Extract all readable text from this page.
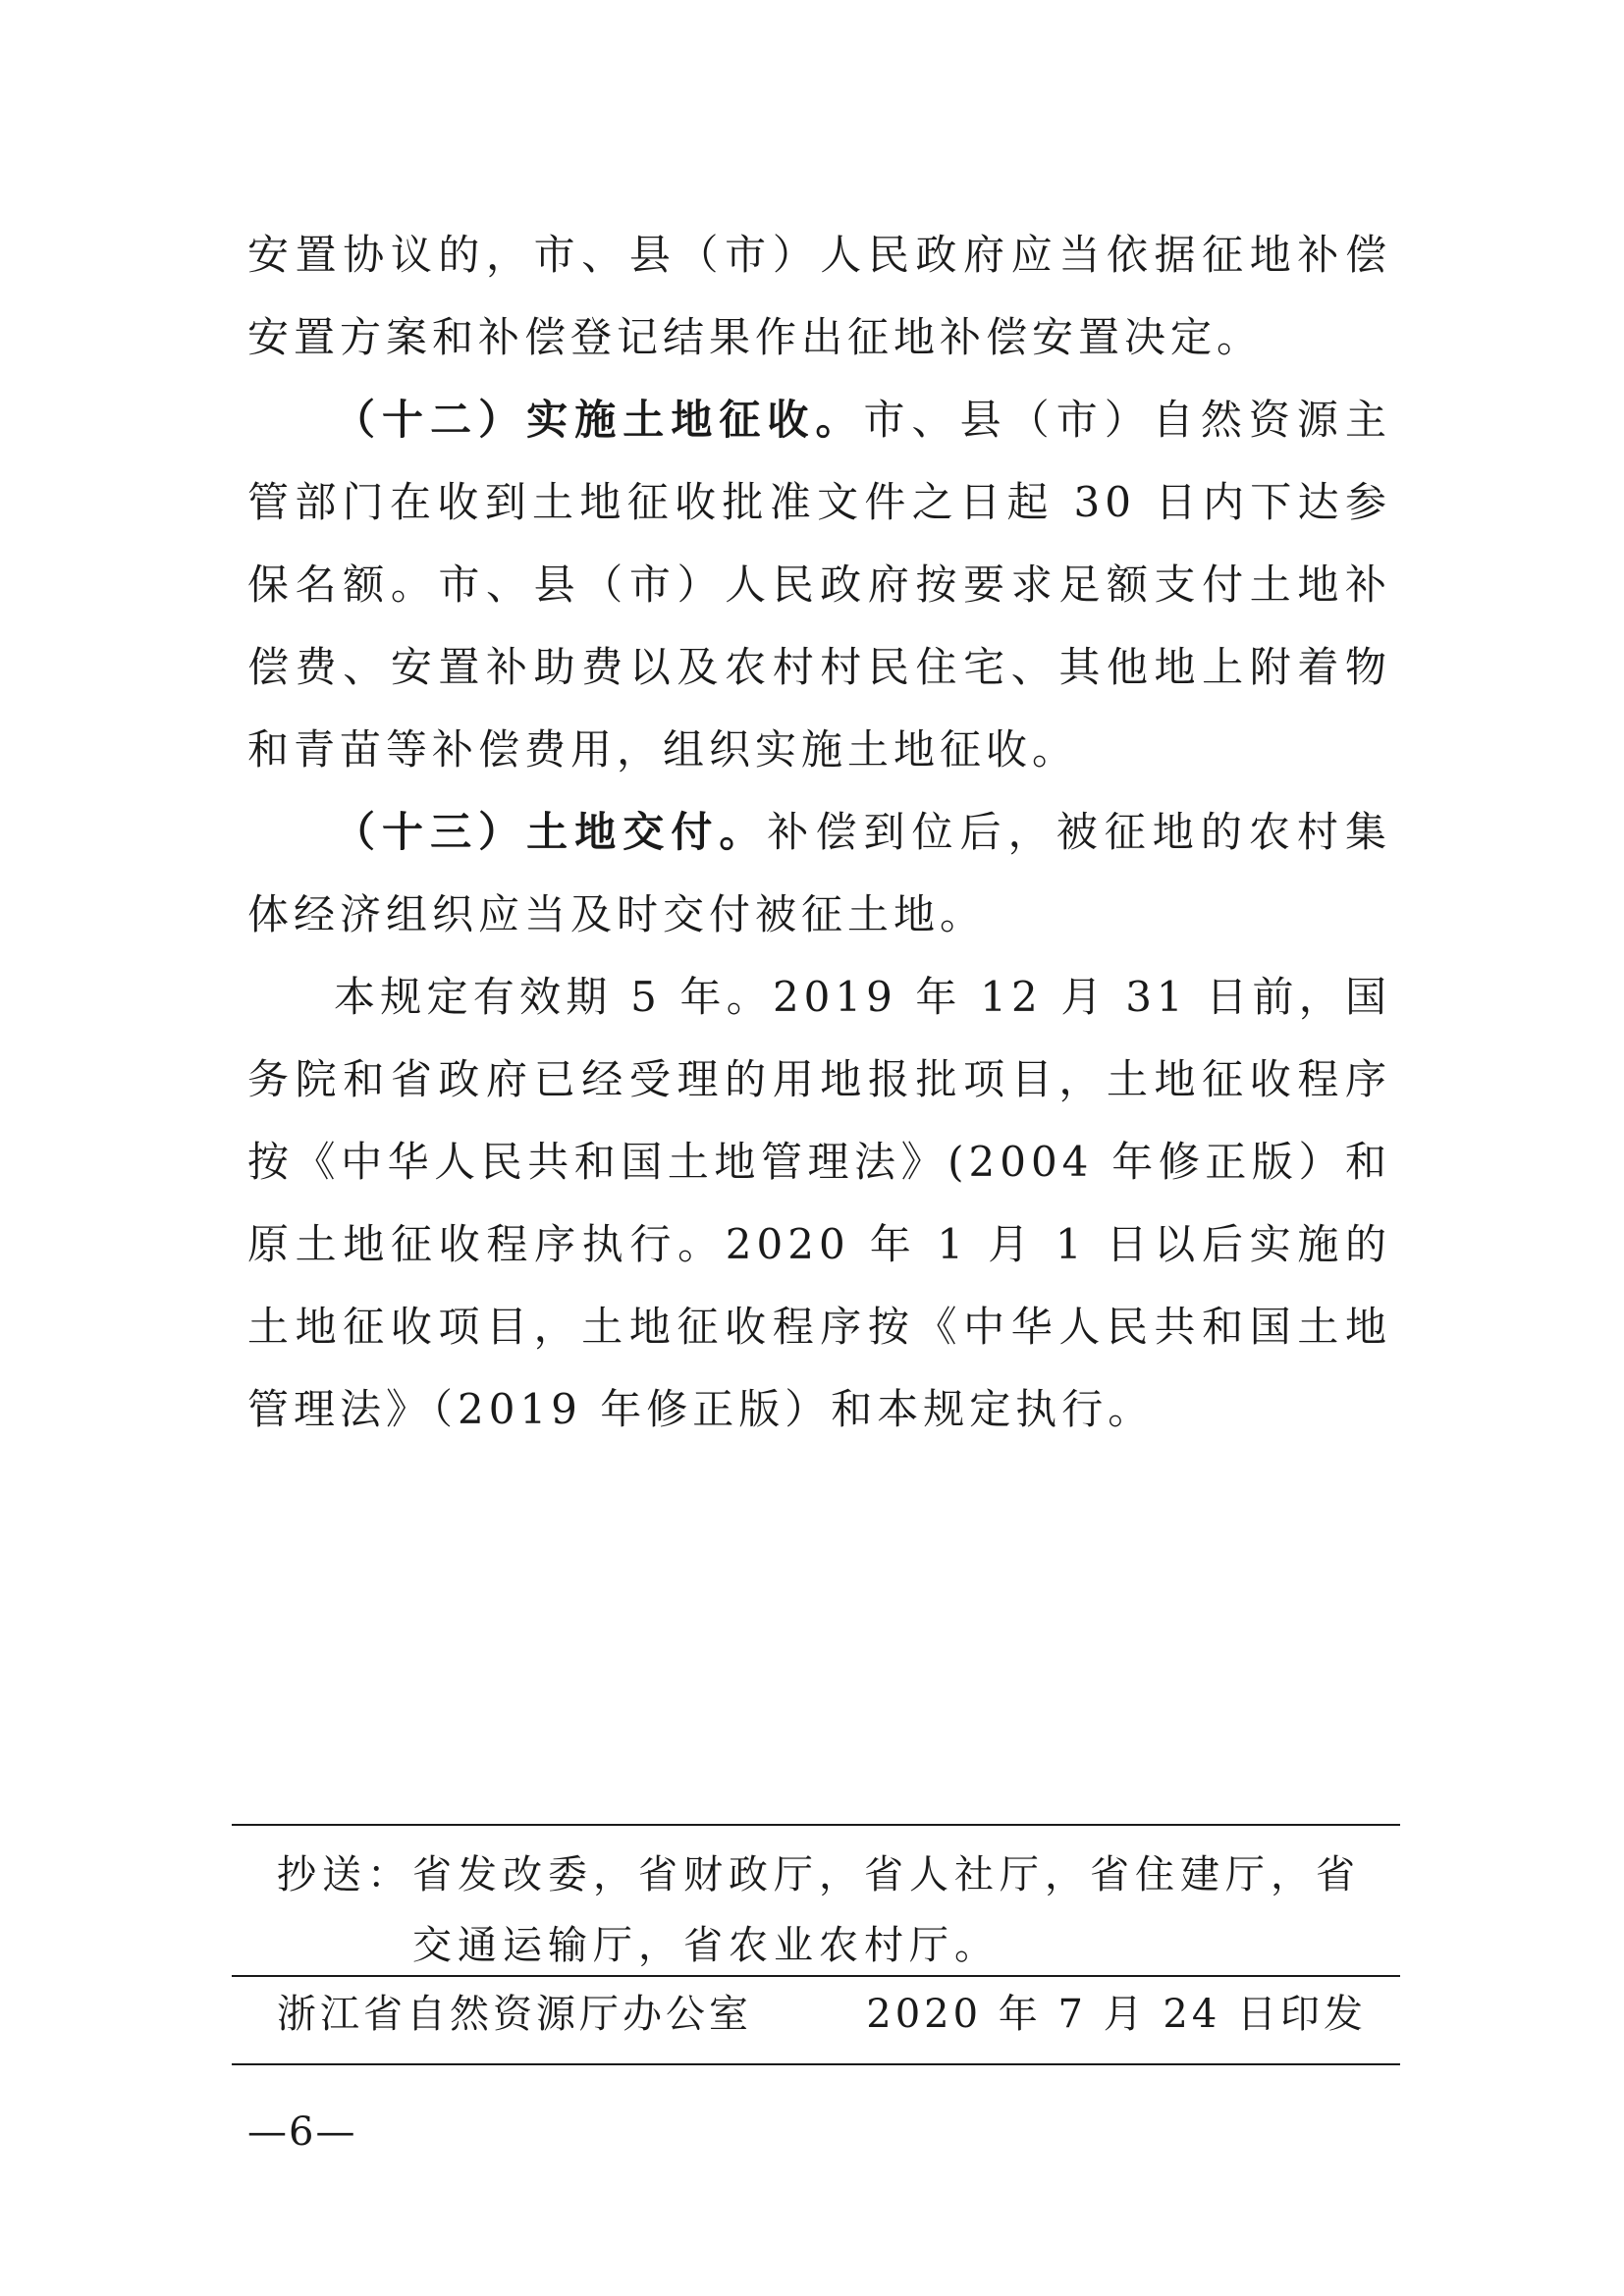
安置协议的，市、县（市）人民政府应当依据征地补偿安置方案和补偿登记结果作出征地补偿安置决定。

（十二）实施土地征收。市、县（市）自然资源主管部门在收到土地征收批准文件之日起 30 日内下达参保名额。市、县（市）人民政府按要求足额支付土地补偿费、安置补助费以及农村村民住宅、其他地上附着物和青苗等补偿费用，组织实施土地征收。

（十三）土地交付。补偿到位后，被征地的农村集体经济组织应当及时交付被征土地。

本规定有效期 5 年。2019 年 12 月 31 日前，国务院和省政府已经受理的用地报批项目，土地征收程序按《中华人民共和国土地管理法》(2004 年修正版）和原土地征收程序执行。2020 年 1 月 1 日以后实施的土地征收项目，土地征收程序按《中华人民共和国土地管理法》（2019 年修正版）和本规定执行。

抄送： 省发改委，省财政厅，省人社厅，省住建厅，省交通运输厅，省农业农村厅。
浙江省自然资源厅办公室	2020 年 7 月 24 日印发
—6—
